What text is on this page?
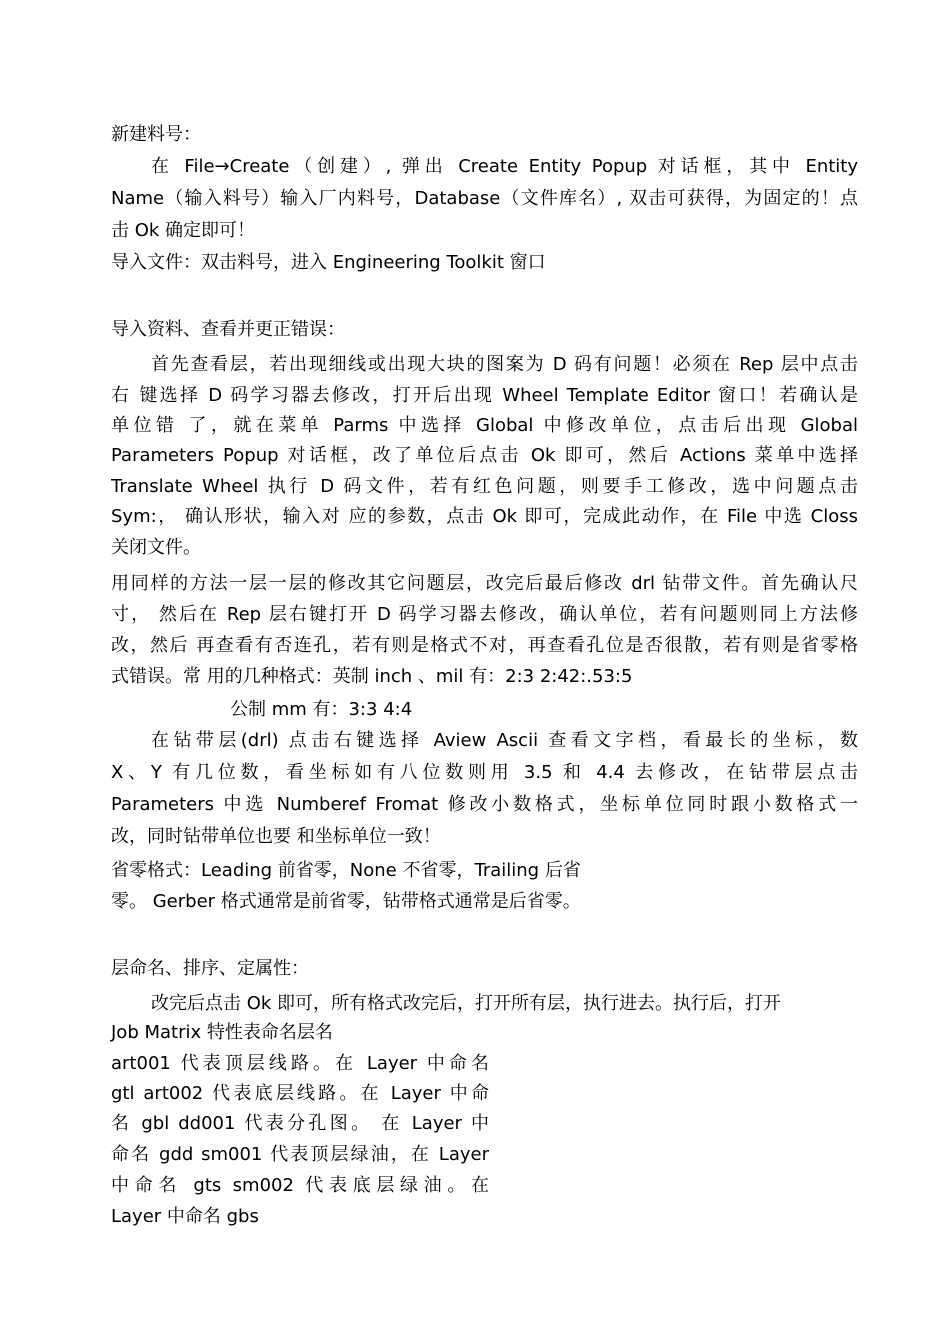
新建料号：
在 File→Create（创建）, 弹出 Create Entity Popup 对话框，其中 Entity
Name（输入料号）输入厂内料号，Database（文件库名）, 双击可获得，为固定的！点
击 Ok 确定即可！
导入文件：双击料号，进入 Engineering Toolkit 窗口
导入资料、查看并更正错误：
首先查看层，若出现细线或出现大块的图案为 D 码有问题！必须在 Rep 层中点击
右 键选择 D 码学习器去修改，打开后出现 Wheel Template Editor 窗口！若确认是
单位错 了，就在菜单 Parms 中选择 Global 中修改单位，点击后出现 Global
Parameters Popup 对话框，改了单位后点击 Ok 即可，然后 Actions 菜单中选择
Translate Wheel 执行 D 码文件，若有红色问题，则要手工修改，选中问题点击
Sym:， 确认形状，输入对 应的参数，点击 Ok 即可，完成此动作，在 File 中选 Closs
关闭文件。
用同样的方法一层一层的修改其它问题层，改完后最后修改 drl 钻带文件。首先确认尺
寸， 然后在 Rep 层右键打开 D 码学习器去修改，确认单位，若有问题则同上方法修
改，然后 再查看有否连孔，若有则是格式不对，再查看孔位是否很散，若有则是省零格
式错误。常 用的几种格式：英制 inch 、mil 有：2:3 2:42:.53:5
公制 mm 有：3:3 4:4
在钻带层(drl) 点击右键选择 Aview Ascii 查看文字档，看最长的坐标，数
X、Y 有几位数，看坐标如有八位数则用 3.5 和 4.4 去修改，在钻带层点击
Parameters 中选 Numberef Fromat 修改小数格式，坐标单位同时跟小数格式一
改，同时钻带单位也要 和坐标单位一致！
省零格式：Leading 前省零，None 不省零，Trailing 后省
零。 Gerber 格式通常是前省零，钻带格式通常是后省零。
层命名、排序、定属性：
改完后点击 Ok 即可，所有格式改完后，打开所有层，执行进去。执行后，打开
Job Matrix 特性表命名层名
art001 代表顶层线路。在 Layer 中命名
gtl art002 代表底层线路。在 Layer 中命
名 gbl dd001 代表分孔图。 在 Layer 中
命名 gdd sm001 代表顶层绿油，在 Layer
中命名 gts sm002 代表底层绿油。在
Layer 中命名 gbs
